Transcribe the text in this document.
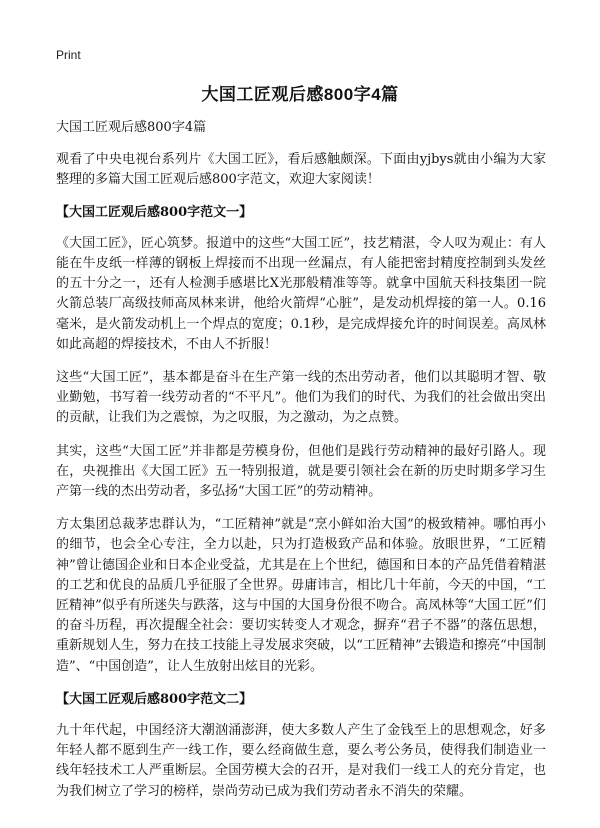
Print
大国工匠观后感800字4篇

大国工匠观后感800字4篇

观看了中央电视台系列片《大国工匠》，看后感触颇深。下面由yjbys就由小编为大家整理的多篇大国工匠观后感800字范文，欢迎大家阅读！

【大国工匠观后感800字范文一】

《大国工匠》，匠心筑梦。报道中的这些“大国工匠”，技艺精湛，令人叹为观止：有人能在牛皮纸一样薄的钢板上焊接而不出现一丝漏点，有人能把密封精度控制到头发丝的五十分之一，还有人检测手感堪比X光那般精准等等。就拿中国航天科技集团一院火箭总装厂高级技师高凤林来讲，他给火箭焊“心脏”，是发动机焊接的第一人。0.16毫米，是火箭发动机上一个焊点的宽度；0.1秒，是完成焊接允许的时间误差。高凤林如此高超的焊接技术，不由人不折服！

这些“大国工匠”，基本都是奋斗在生产第一线的杰出劳动者，他们以其聪明才智、敬业勤勉，书写着一线劳动者的“不平凡”。他们为我们的时代、为我们的社会做出突出的贡献，让我们为之震惊，为之叹服，为之激动，为之点赞。

其实，这些“大国工匠”并非都是劳模身份，但他们是践行劳动精神的最好引路人。现在，央视推出《大国工匠》五一特别报道，就是要引领社会在新的历史时期多学习生产第一线的杰出劳动者，多弘扬“大国工匠”的劳动精神。

方太集团总裁茅忠群认为，“工匠精神”就是“烹小鲜如治大国”的极致精神。哪怕再小的细节，也会全心专注，全力以赴，只为打造极致产品和体验。放眼世界，“工匠精神”曾让德国企业和日本企业受益，尤其是在上个世纪，德国和日本的产品凭借着精湛的工艺和优良的品质几乎征服了全世界。毋庸讳言，相比几十年前，今天的中国，“工匠精神”似乎有所迷失与跌落，这与中国的大国身份很不吻合。高凤林等“大国工匠”们的奋斗历程，再次提醒全社会：要切实转变人才观念，摒弃“君子不器”的落伍思想，重新规划人生，努力在技工技能上寻发展求突破，以“工匠精神”去锻造和擦亮“中国制造”、“中国创造”，让人生放射出炫目的光彩。

【大国工匠观后感800字范文二】

九十年代起，中国经济大潮汹涌澎湃，使大多数人产生了金钱至上的思想观念，好多年轻人都不愿到生产一线工作，要么经商做生意，要么考公务员，使得我们制造业一线年轻技术工人严重断层。全国劳模大会的召开，是对我们一线工人的充分肯定，也为我们树立了学习的榜样，崇尚劳动已成为我们劳动者永不消失的荣耀。
